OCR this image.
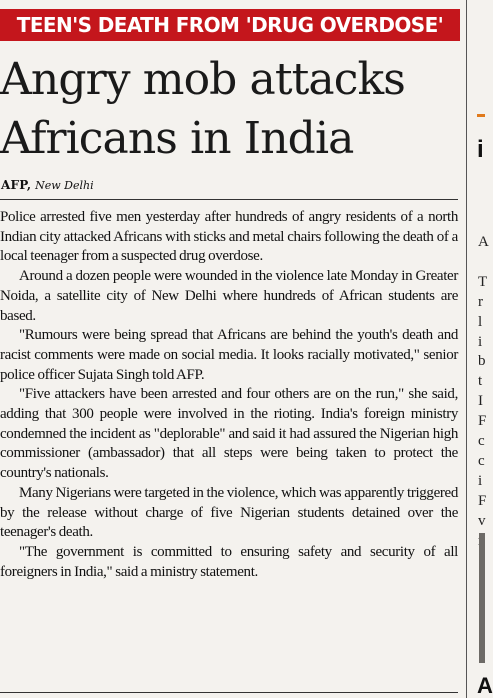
TEEN'S DEATH FROM 'DRUG OVERDOSE'
Angry mob attacks
Africans in India
AFP, New Delhi

Police arrested five men yesterday after hundreds of angry residents of a north Indian city attacked Africans with sticks and metal chairs following the death of a local teenager from a suspected drug overdose.

Around a dozen people were wounded in the violence late Monday in Greater Noida, a satellite city of New Delhi where hundreds of African students are based.

"Rumours were being spread that Africans are behind the youth's death and racist comments were made on social media. It looks racially motivated," senior police officer Sujata Singh told AFP.

"Five attackers have been arrested and four others are on the run," she said, adding that 300 people were involved in the rioting. India's foreign ministry condemned the incident as "deplorable" and said it had assured the Nigerian high commissioner (ambassador) that all steps were being taken to protect the country's nationals.

Many Nigerians were targeted in the violence, which was apparently triggered by the release without charge of five Nigerian students detained over the teenager's death.

"The government is committed to ensuring safety and security of all foreigners in India," said a ministry statement.

i
A

T
r
l
i
b
t
I
F
c
c
i
F
v

A
